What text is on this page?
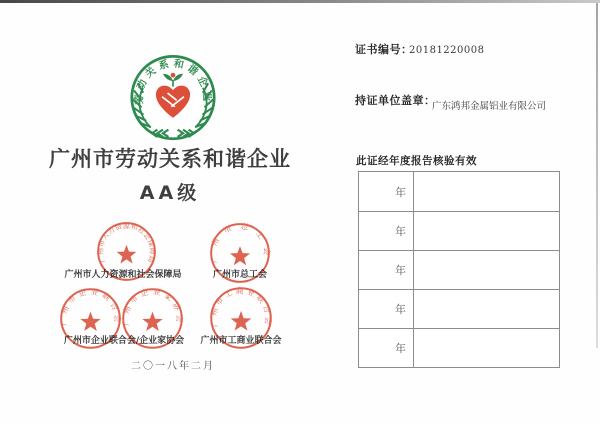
劳动关系和谐企业
广州市劳动关系和谐企业
AA级
广州市人力资源和社会保障局	广州市总工会
广州市企业联合会/企业家协会	广州市工商业联合会
广州市人力资源和社会保障局	广州市总工会
广州市企业联合会
广州市企业家协会 广州市工商业联合会
二〇一八年二月
证书编号：
20181220008
持证单位盖章：
广东鸿邦金属铝业有限公司
此证经年度报告核验有效
年
年
年
年
年
